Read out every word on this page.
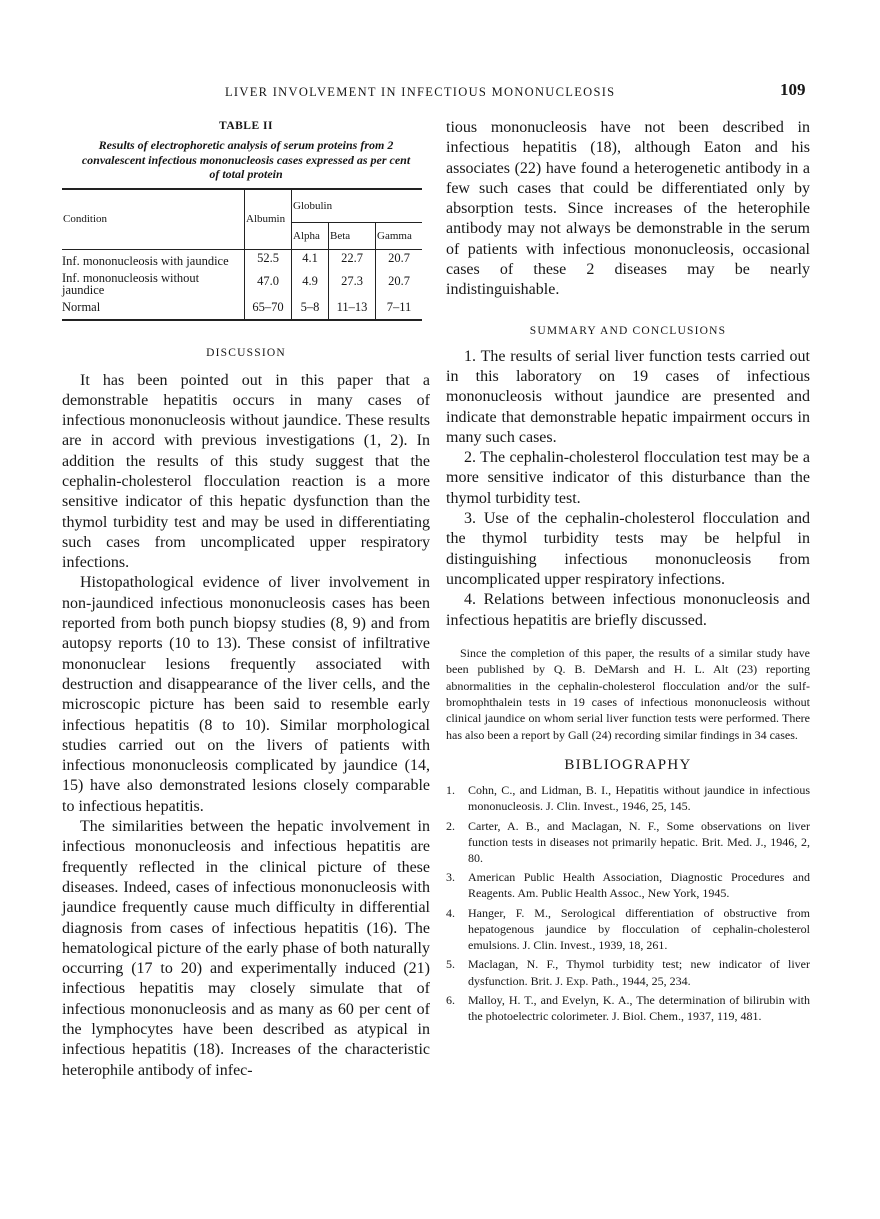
LIVER INVOLVEMENT IN INFECTIOUS MONONUCLEOSIS	109
TABLE II
Results of electrophoretic analysis of serum proteins from 2 convalescent infectious mononucleosis cases expressed as per cent of total protein
Condition	Albumin	Globulin		
		Alpha	Beta	Gamma
Inf. mononucleosis with jaundice	52.5	4.1	22.7	20.7
Inf. mononucleosis without jaundice	47.0	4.9	27.3	20.7
Normal	65–70	5–8	11–13	7–11
DISCUSSION

It has been pointed out in this paper that a demonstrable hepatitis occurs in many cases of infectious mononucleosis without jaundice. These results are in accord with previous investigations (1, 2). In addition the results of this study suggest that the cephalin-cholesterol flocculation reaction is a more sensitive indicator of this hepatic dysfunction than the thymol turbidity test and may be used in differentiating such cases from uncomplicated upper respiratory infections.

Histopathological evidence of liver involvement in non-jaundiced infectious mononucleosis cases has been reported from both punch biopsy studies (8, 9) and from autopsy reports (10 to 13). These consist of infiltrative mononuclear lesions frequently associated with destruction and disappearance of the liver cells, and the microscopic picture has been said to resemble early infectious hepatitis (8 to 10). Similar morphological studies carried out on the livers of patients with infectious mononucleosis complicated by jaundice (14, 15) have also demonstrated lesions closely comparable to infectious hepatitis.

The similarities between the hepatic involvement in infectious mononucleosis and infectious hepatitis are frequently reflected in the clinical picture of these diseases. Indeed, cases of infectious mononucleosis with jaundice frequently cause much difficulty in differential diagnosis from cases of infectious hepatitis (16). The hematological picture of the early phase of both naturally occurring (17 to 20) and experimentally induced (21) infectious hepatitis may closely simulate that of infectious mononucleosis and as many as 60 per cent of the lymphocytes have been described as atypical in infectious hepatitis (18). Increases of the characteristic heterophile antibody of infec-

tious mononucleosis have not been described in infectious hepatitis (18), although Eaton and his associates (22) have found a heterogenetic antibody in a few such cases that could be differentiated only by absorption tests. Since increases of the heterophile antibody may not always be demonstrable in the serum of patients with infectious mononucleosis, occasional cases of these 2 diseases may be nearly indistinguishable.

SUMMARY AND CONCLUSIONS

1. The results of serial liver function tests carried out in this laboratory on 19 cases of infectious mononucleosis without jaundice are presented and indicate that demonstrable hepatic impairment occurs in many such cases.

2. The cephalin-cholesterol flocculation test may be a more sensitive indicator of this disturbance than the thymol turbidity test.

3. Use of the cephalin-cholesterol flocculation and the thymol turbidity tests may be helpful in distinguishing infectious mononucleosis from uncomplicated upper respiratory infections.

4. Relations between infectious mononucleosis and infectious hepatitis are briefly discussed.

Since the completion of this paper, the results of a similar study have been published by Q. B. DeMarsh and H. L. Alt (23) reporting abnormalities in the cephalin-cholesterol flocculation and/or the sulf-bromophthalein tests in 19 cases of infectious mononucleosis without clinical jaundice on whom serial liver function tests were performed. There has also been a report by Gall (24) recording similar findings in 34 cases.

BIBLIOGRAPHY
1.	Cohn, C., and Lidman, B. I., Hepatitis without jaundice in infectious mononucleosis. J. Clin. Invest., 1946, 25, 145.
2.	Carter, A. B., and Maclagan, N. F., Some observations on liver function tests in diseases not primarily hepatic. Brit. Med. J., 1946, 2, 80.
3.	American Public Health Association, Diagnostic Procedures and Reagents. Am. Public Health Assoc., New York, 1945.
4.	Hanger, F. M., Serological differentiation of obstructive from hepatogenous jaundice by flocculation of cephalin-cholesterol emulsions. J. Clin. Invest., 1939, 18, 261.
5.	Maclagan, N. F., Thymol turbidity test; new indicator of liver dysfunction. Brit. J. Exp. Path., 1944, 25, 234.
6.	Malloy, H. T., and Evelyn, K. A., The determination of bilirubin with the photoelectric colorimeter. J. Biol. Chem., 1937, 119, 481.
